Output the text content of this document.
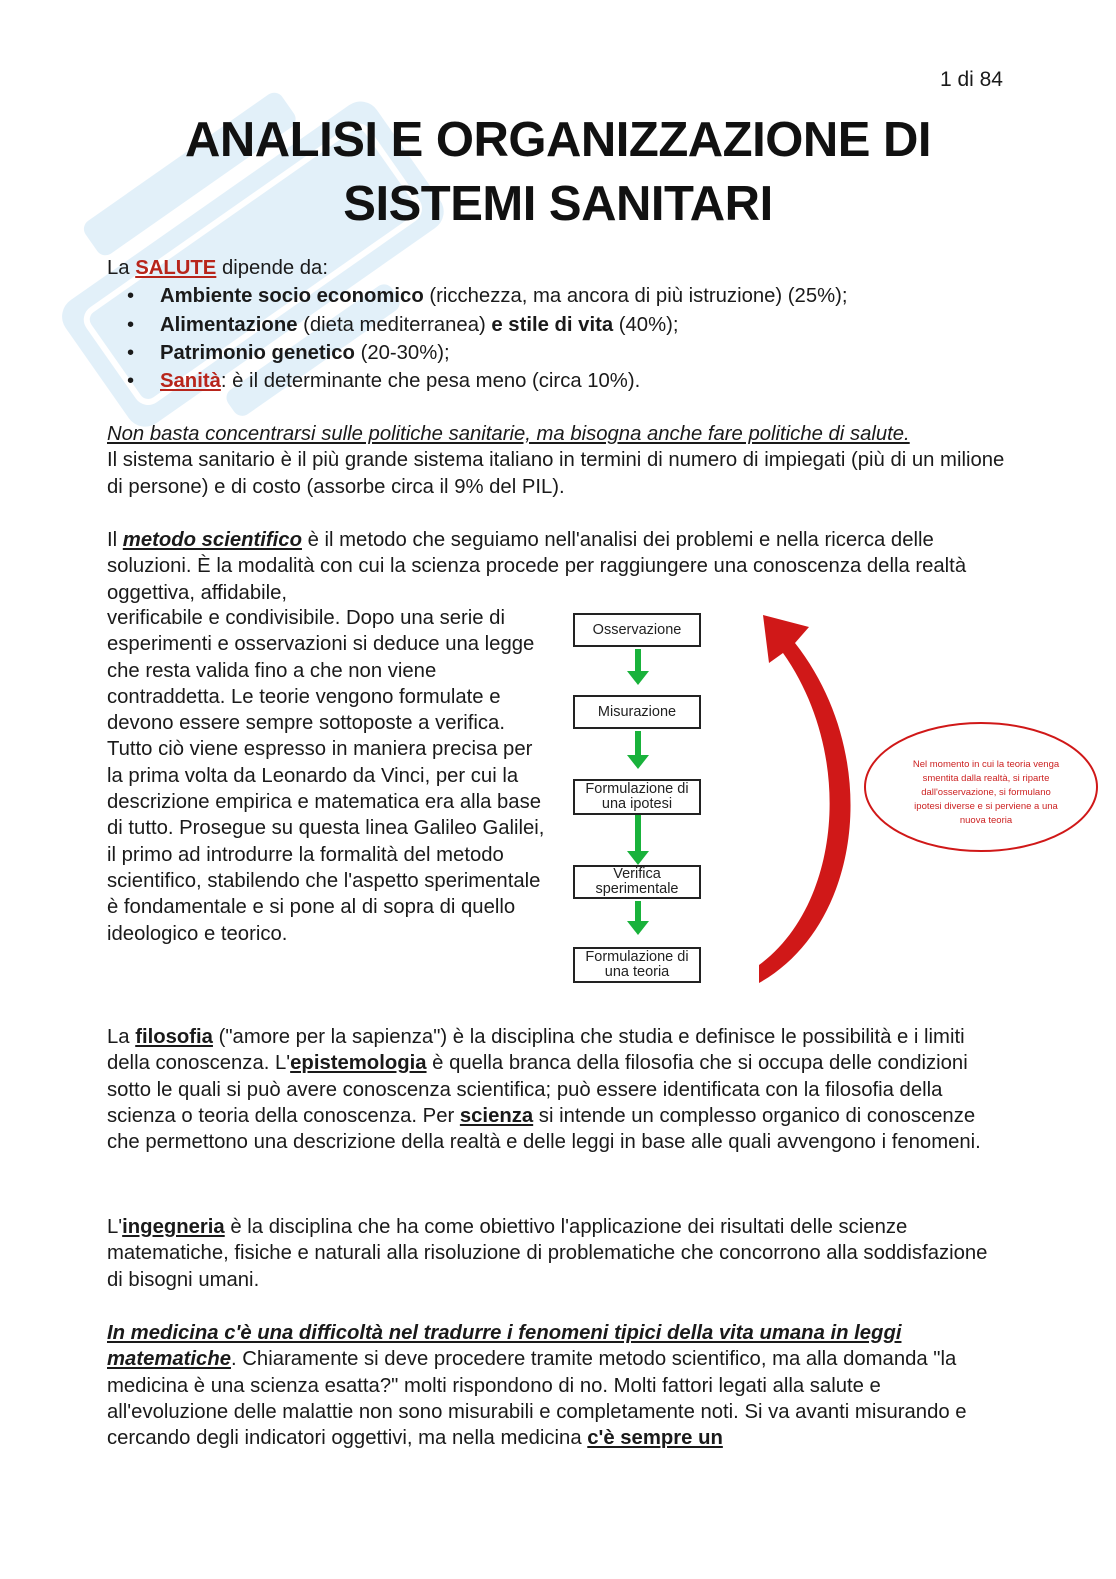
1 di 84
ANALISI E ORGANIZZAZIONE DI
SISTEMI SANITARI

La SALUTE dipende da:

• Ambiente socio economico (ricchezza, ma ancora di più istruzione) (25%);
• Alimentazione (dieta mediterranea) e stile di vita (40%);
• Patrimonio genetico (20-30%);
• Sanità: è il determinante che pesa meno (circa 10%).

Non basta concentrarsi sulle politiche sanitarie, ma bisogna anche fare politiche di salute.
Il sistema sanitario è il più grande sistema italiano in termini di numero di impiegati (più di un milione di persone) e di costo (assorbe circa il 9% del PIL).

Il metodo scientifico è il metodo che seguiamo nell'analisi dei problemi e nella ricerca delle soluzioni. È la modalità con cui la scienza procede per raggiungere una conoscenza della realtà oggettiva, affidabile,

verificabile e condivisibile. Dopo una serie di esperimenti e osservazioni si deduce una legge che resta valida fino a che non viene contraddetta. Le teorie vengono formulate e devono essere sempre sottoposte a verifica. Tutto ciò viene espresso in maniera precisa per la prima volta da Leonardo da Vinci, per cui la descrizione empirica e matematica era alla base di tutto. Prosegue su questa linea Galileo Galilei, il primo ad introdurre la formalità del metodo scientifico, stabilendo che l'aspetto sperimentale è fondamentale e si pone al di sopra di quello ideologico e teorico.
Osservazione
Misurazione
Formulazione di una ipotesi
Verifica sperimentale
Formulazione di una teoria
Nel momento in cui la teoria venga smentita dalla realtà, si riparte dall'osservazione, si formulano ipotesi diverse e si perviene a una nuova teoria

La filosofia ("amore per la sapienza") è la disciplina che studia e definisce le possibilità e i limiti della conoscenza. L'epistemologia è quella branca della filosofia che si occupa delle condizioni sotto le quali si può avere conoscenza scientifica; può essere identificata con la filosofia della scienza o teoria della conoscenza. Per scienza si intende un complesso organico di conoscenze che permettono una descrizione della realtà e delle leggi in base alle quali avvengono i fenomeni.

L'ingegneria è la disciplina che ha come obiettivo l'applicazione dei risultati delle scienze matematiche, fisiche e naturali alla risoluzione di problematiche che concorrono alla soddisfazione di bisogni umani.

In medicina c'è una difficoltà nel tradurre i fenomeni tipici della vita umana in leggi matematiche. Chiaramente si deve procedere tramite metodo scientifico, ma alla domanda "la medicina è una scienza esatta?" molti rispondono di no. Molti fattori legati alla salute e all'evoluzione delle malattie non sono misurabili e completamente noti. Si va avanti misurando e cercando degli indicatori oggettivi, ma nella medicina c'è sempre un
